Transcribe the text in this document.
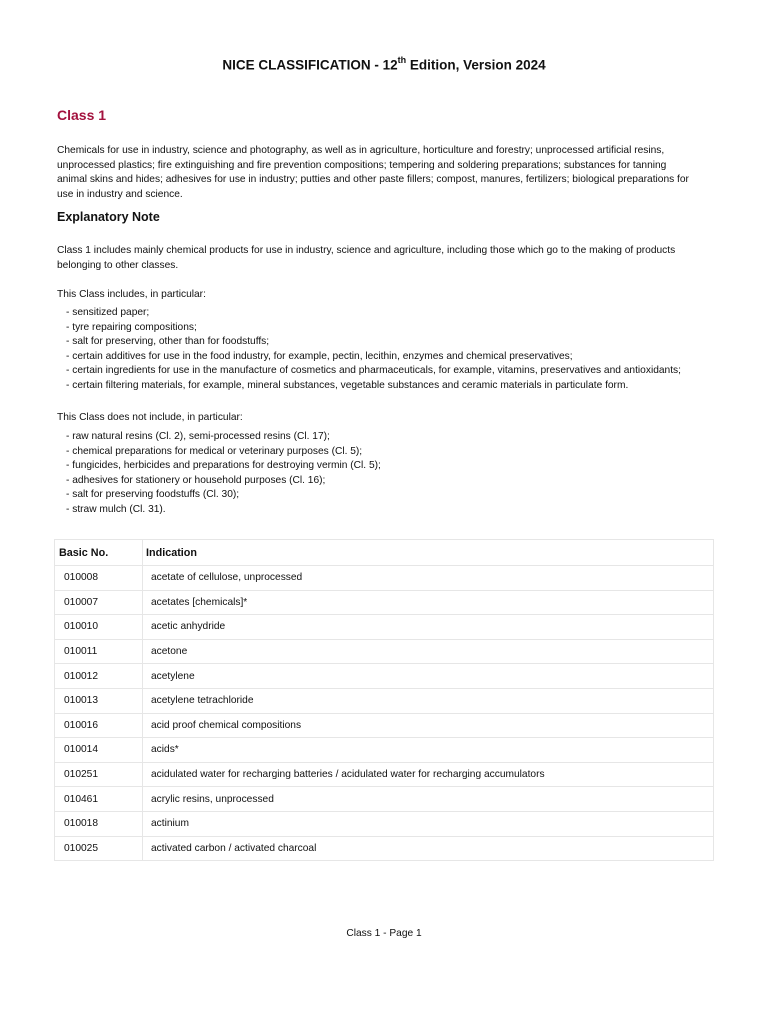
NICE CLASSIFICATION - 12th Edition, Version 2024
Class 1
Chemicals for use in industry, science and photography, as well as in agriculture, horticulture and forestry; unprocessed artificial resins, unprocessed plastics; fire extinguishing and fire prevention compositions; tempering and soldering preparations; substances for tanning animal skins and hides; adhesives for use in industry; putties and other paste fillers; compost, manures, fertilizers; biological preparations for use in industry and science.
Explanatory Note
Class 1 includes mainly chemical products for use in industry, science and agriculture, including those which go to the making of products belonging to other classes.
This Class includes, in particular:
- sensitized paper;
- tyre repairing compositions;
- salt for preserving, other than for foodstuffs;
- certain additives for use in the food industry, for example, pectin, lecithin, enzymes and chemical preservatives;
- certain ingredients for use in the manufacture of cosmetics and pharmaceuticals, for example, vitamins, preservatives and antioxidants;
- certain filtering materials, for example, mineral substances, vegetable substances and ceramic materials in particulate form.
This Class does not include, in particular:
- raw natural resins (Cl. 2), semi-processed resins (Cl. 17);
- chemical preparations for medical or veterinary purposes (Cl. 5);
- fungicides, herbicides and preparations for destroying vermin (Cl. 5);
- adhesives for stationery or household purposes (Cl. 16);
- salt for preserving foodstuffs (Cl. 30);
- straw mulch (Cl. 31).
Basic No.	Indication
010008	acetate of cellulose, unprocessed
010007	acetates [chemicals]*
010010	acetic anhydride
010011	acetone
010012	acetylene
010013	acetylene tetrachloride
010016	acid proof chemical compositions
010014	acids*
010251	acidulated water for recharging batteries / acidulated water for recharging accumulators
010461	acrylic resins, unprocessed
010018	actinium
010025	activated carbon / activated charcoal
Class 1 - Page 1
